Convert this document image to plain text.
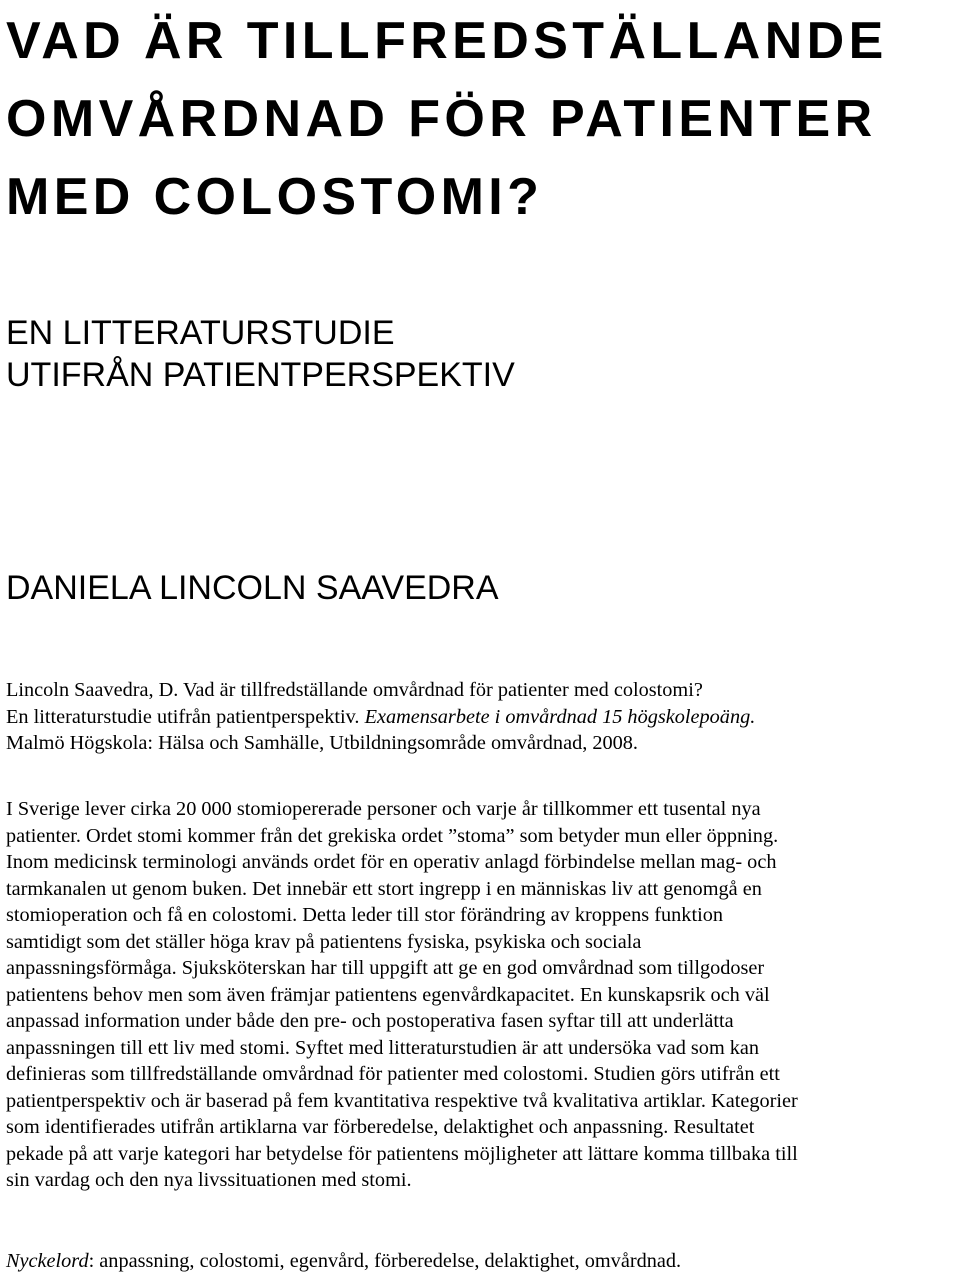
VAD ÄR TILLFREDSTÄLLANDE
OMVÅRDNAD FÖR PATIENTER
MED COLOSTOMI?
EN LITTERATURSTUDIE
UTIFRÅN PATIENTPERSPEKTIV
DANIELA LINCOLN SAAVEDRA

Lincoln Saavedra, D. Vad är tillfredställande omvårdnad för patienter med colostomi?
En litteraturstudie utifrån patientperspektiv. Examensarbete i omvårdnad 15 högskolepoäng.
Malmö Högskola: Hälsa och Samhälle, Utbildningsområde omvårdnad, 2008.

I Sverige lever cirka 20 000 stomiopererade personer och varje år tillkommer ett tusental nya
patienter. Ordet stomi kommer från det grekiska ordet ”stoma” som betyder mun eller öppning.
Inom medicinsk terminologi används ordet för en operativ anlagd förbindelse mellan mag- och
tarmkanalen ut genom buken. Det innebär ett stort ingrepp i en människas liv att genomgå en
stomioperation och få en colostomi. Detta leder till stor förändring av kroppens funktion
samtidigt som det ställer höga krav på patientens fysiska, psykiska och sociala
anpassningsförmåga. Sjuksköterskan har till uppgift att ge en god omvårdnad som tillgodoser
patientens behov men som även främjar patientens egenvårdkapacitet. En kunskapsrik och väl
anpassad information under både den pre- och postoperativa fasen syftar till att underlätta
anpassningen till ett liv med stomi. Syftet med litteraturstudien är att undersöka vad som kan
definieras som tillfredställande omvårdnad för patienter med colostomi. Studien görs utifrån ett
patientperspektiv och är baserad på fem kvantitativa respektive två kvalitativa artiklar. Kategorier
som identifierades utifrån artiklarna var förberedelse, delaktighet och anpassning. Resultatet
pekade på att varje kategori har betydelse för patientens möjligheter att lättare komma tillbaka till
sin vardag och den nya livssituationen med stomi.

Nyckelord: anpassning, colostomi, egenvård, förberedelse, delaktighet, omvårdnad.
